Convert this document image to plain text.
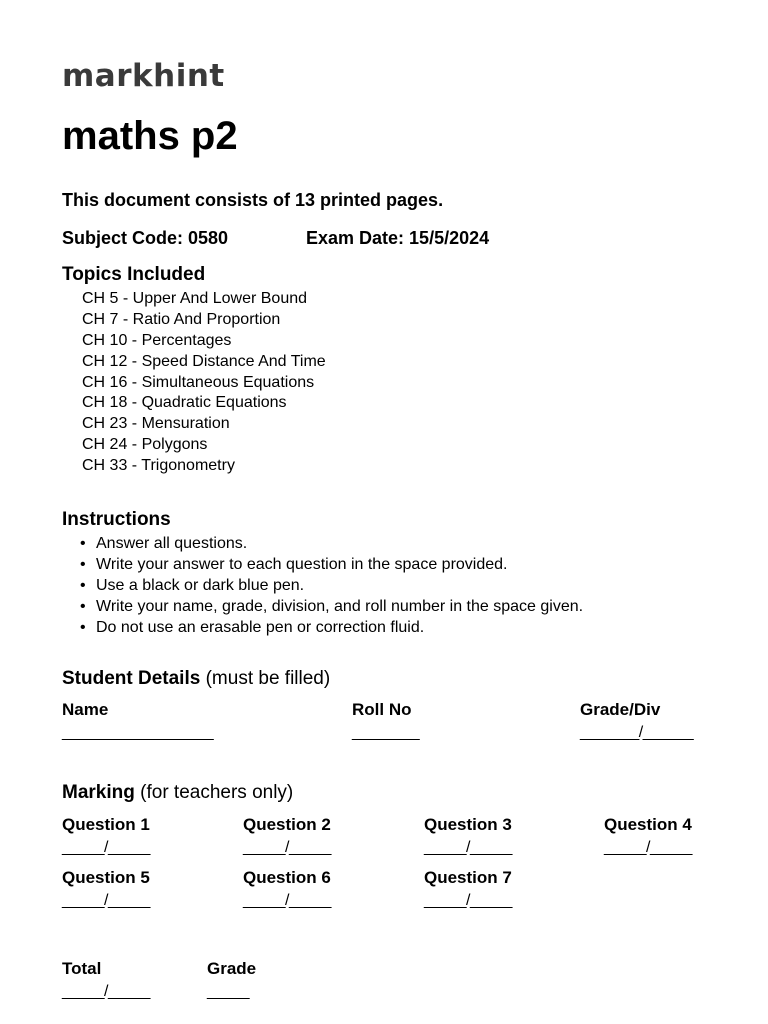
markhint
maths p2
This document consists of 13 printed pages.
Subject Code: 0580	Exam Date: 15/5/2024
Topics Included
CH 5 - Upper And Lower Bound
CH 7 - Ratio And Proportion
CH 10 - Percentages
CH 12 - Speed Distance And Time
CH 16 - Simultaneous Equations
CH 18 - Quadratic Equations
CH 23 - Mensuration
CH 24 - Polygons
CH 33 - Trigonometry
Instructions
• Answer all questions.
• Write your answer to each question in the space provided.
• Use a black or dark blue pen.
• Write your name, grade, division, and roll number in the space given.
• Do not use an erasable pen or correction fluid.
Student Details (must be filled)
Name
__________________
Roll No
________
Grade/Div
_______/______
Marking (for teachers only)
Question 1
_____/_____
Question 2
_____/_____
Question 3
_____/_____
Question 4
_____/_____
Question 5
_____/_____
Question 6
_____/_____
Question 7
_____/_____
Total
_____/_____
Grade
_____
